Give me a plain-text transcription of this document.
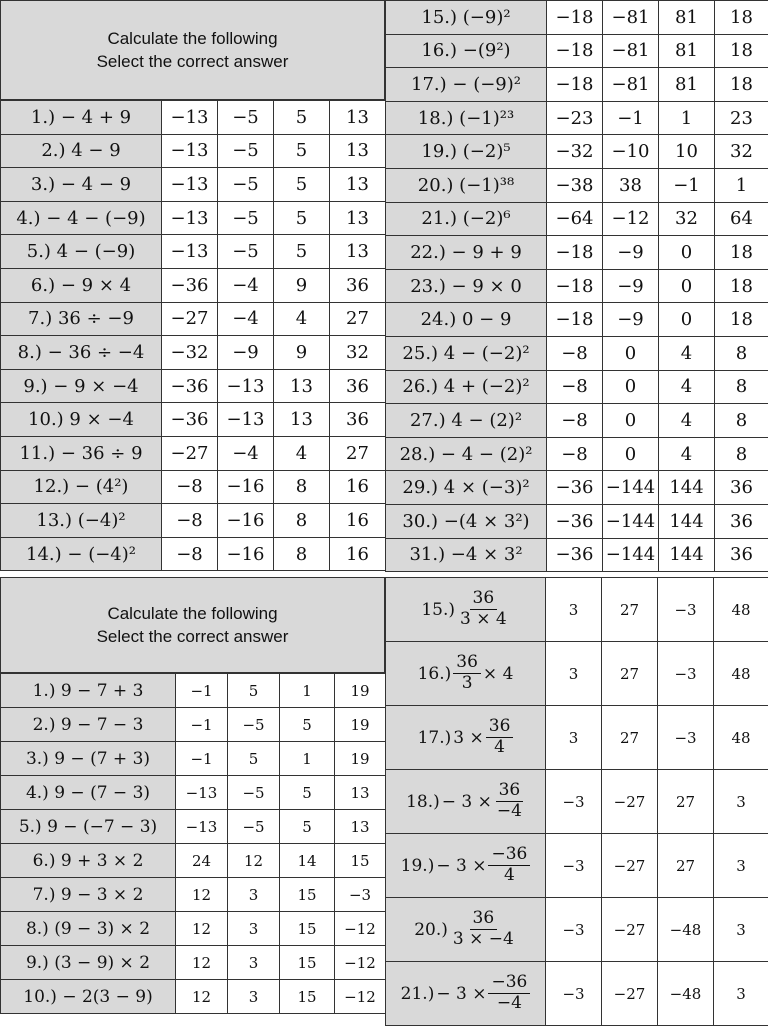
Calculate the following
Select the correct answer
1.) − 4 + 9	−13	−5	5	13
2.) 4 − 9	−13	−5	5	13
3.) − 4 − 9	−13	−5	5	13
4.) − 4 − (−9)	−13	−5	5	13
5.) 4 − (−9)	−13	−5	5	13
6.) − 9 × 4	−36	−4	9	36
7.) 36 ÷ −9	−27	−4	4	27
8.) − 36 ÷ −4	−32	−9	9	32
9.) − 9 × −4	−36	−13	13	36
10.) 9 × −4	−36	−13	13	36
11.) − 36 ÷ 9	−27	−4	4	27
12.) − (4²)	−8	−16	8	16
13.) (−4)²	−8	−16	8	16
14.) − (−4)²	−8	−16	8	16
15.) (−9)²	−18	−81	81	18
16.) −(9²)	−18	−81	81	18
17.) − (−9)²	−18	−81	81	18
18.) (−1)²³	−23	−1	1	23
19.) (−2)⁵	−32	−10	10	32
20.) (−1)³⁸	−38	38	−1	1
21.) (−2)⁶	−64	−12	32	64
22.) − 9 + 9	−18	−9	0	18
23.) − 9 × 0	−18	−9	0	18
24.) 0 − 9	−18	−9	0	18
25.) 4 − (−2)²	−8	0	4	8
26.) 4 + (−2)²	−8	0	4	8
27.) 4 − (2)²	−8	0	4	8
28.) − 4 − (2)²	−8	0	4	8
29.) 4 × (−3)²	−36	−144	144	36
30.) −(4 × 3²)	−36	−144	144	36
31.) −4 × 3²	−36	−144	144	36
Calculate the following
Select the correct answer
1.) 9 − 7 + 3	−1	5	1	19
2.) 9 − 7 − 3	−1	−5	5	19
3.) 9 − (7 + 3)	−1	5	1	19
4.) 9 − (7 − 3)	−13	−5	5	13
5.) 9 − (−7 − 3)	−13	−5	5	13
6.) 9 + 3 × 2	24	12	14	15
7.) 9 − 3 × 2	12	3	15	−3
8.) (9 − 3) × 2	12	3	15	−12
9.) (3 − 9) × 2	12	3	15	−12
10.) − 2(3 − 9)	12	3	15	−12
$15.) \frac{36}{3 \times 4}$	3	27	−3	48

$16.) \frac{36}{3} \times 4$	3	27	−3	48

17.) $3 \times \frac{36}{4}$	3	27	−3	48

$18.) - 3 \times \frac{36}{-4}$	−3	−27	27	3

$19.) - 3 \times \frac{-36}{4}$	−3	−27	27	3

$20.) \frac{36}{3 \times -4}$	−3	−27	−48	3

$21.) - 3 \times \frac{-36}{-4}$	−3	−27	−48	3
